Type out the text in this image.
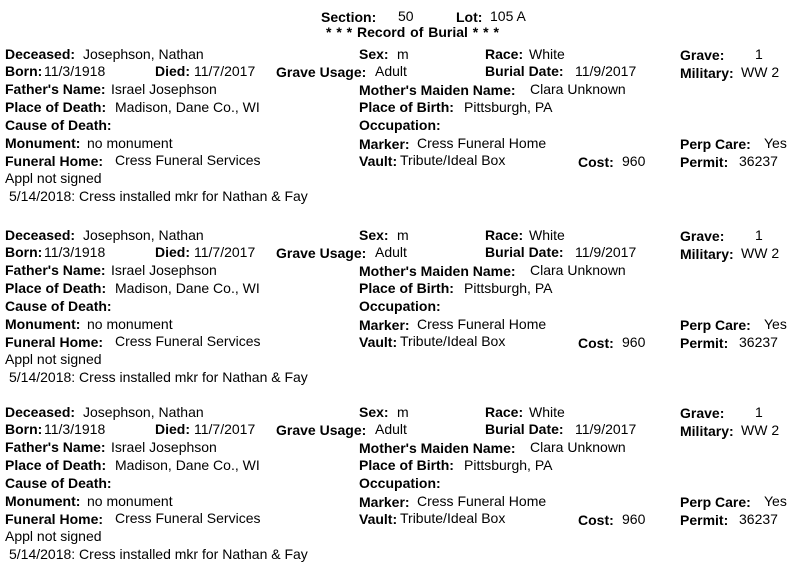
Section: 50	Lot: 105 A
* * * Record of Burial * * *
Deceased: Josephson, Nathan	Sex: m	Race: White	Grave: 1
Born: 11/3/1918	Died: 11/7/2017 Grave Usage: Adult	Burial Date: 11/9/2017	Military: WW 2
Father's Name: Israel Josephson	Mother's Maiden Name: Clara Unknown
Place of Death: Madison, Dane Co., WI	Place of Birth: Pittsburgh, PA
Cause of Death:	Occupation:
Monument: no monument	Marker: Cress Funeral Home	Perp Care: Yes
Funeral Home: Cress Funeral Services	Vault: Tribute/Ideal Box	Cost: 960 Permit: 36237
Appl not signed
5/14/2018: Cress installed mkr for Nathan & Fay
Deceased: Josephson, Nathan	Sex: m	Race: White	Grave: 1
Born: 11/3/1918	Died: 11/7/2017 Grave Usage: Adult	Burial Date: 11/9/2017	Military: WW 2
Father's Name: Israel Josephson	Mother's Maiden Name: Clara Unknown
Place of Death: Madison, Dane Co., WI	Place of Birth: Pittsburgh, PA
Cause of Death:	Occupation:
Monument: no monument	Marker: Cress Funeral Home	Perp Care: Yes
Funeral Home: Cress Funeral Services	Vault: Tribute/Ideal Box	Cost: 960 Permit: 36237
Appl not signed
5/14/2018: Cress installed mkr for Nathan & Fay
Deceased: Josephson, Nathan	Sex: m	Race: White	Grave: 1
Born: 11/3/1918	Died: 11/7/2017 Grave Usage: Adult	Burial Date: 11/9/2017	Military: WW 2
Father's Name: Israel Josephson	Mother's Maiden Name: Clara Unknown
Place of Death: Madison, Dane Co., WI	Place of Birth: Pittsburgh, PA
Cause of Death:	Occupation:
Monument: no monument	Marker: Cress Funeral Home	Perp Care: Yes
Funeral Home: Cress Funeral Services	Vault: Tribute/Ideal Box	Cost: 960 Permit: 36237
Appl not signed
5/14/2018: Cress installed mkr for Nathan & Fay
